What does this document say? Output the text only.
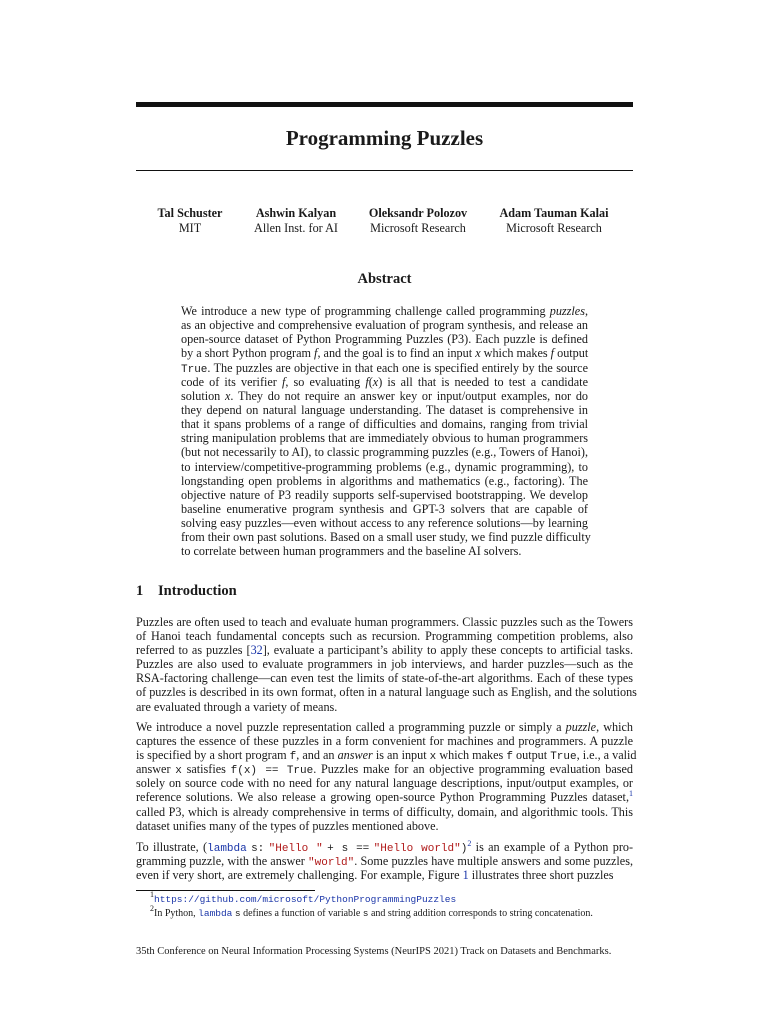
Programming Puzzles
Tal Schuster
MIT
Ashwin Kalyan
Allen Inst. for AI
Oleksandr Polozov
Microsoft Research
Adam Tauman Kalai
Microsoft Research
Abstract
We introduce a new type of programming challenge called programming puzzles,
as an objective and comprehensive evaluation of program synthesis, and release an
open-source dataset of Python Programming Puzzles (P3). Each puzzle is defined
by a short Python program f, and the goal is to find an input x which makes f output
True. The puzzles are objective in that each one is specified entirely by the source
code of its verifier f, so evaluating f(x) is all that is needed to test a candidate
solution x. They do not require an answer key or input/output examples, nor do
they depend on natural language understanding. The dataset is comprehensive in
that it spans problems of a range of difficulties and domains, ranging from trivial
string manipulation problems that are immediately obvious to human programmers
(but not necessarily to AI), to classic programming puzzles (e.g., Towers of Hanoi),
to interview/competitive-programming problems (e.g., dynamic programming), to
longstanding open problems in algorithms and mathematics (e.g., factoring). The
objective nature of P3 readily supports self-supervised bootstrapping. We develop
baseline enumerative program synthesis and GPT-3 solvers that are capable of
solving easy puzzles—even without access to any reference solutions—by learning
from their own past solutions. Based on a small user study, we find puzzle difficulty
to correlate between human programmers and the baseline AI solvers.
1 Introduction
Puzzles are often used to teach and evaluate human programmers. Classic puzzles such as the Towers
of Hanoi teach fundamental concepts such as recursion. Programming competition problems, also
referred to as puzzles [32], evaluate a participant’s ability to apply these concepts to artificial tasks.
Puzzles are also used to evaluate programmers in job interviews, and harder puzzles—such as the
RSA-factoring challenge—can even test the limits of state-of-the-art algorithms. Each of these types
of puzzles is described in its own format, often in a natural language such as English, and the solutions
are evaluated through a variety of means.
We introduce a novel puzzle representation called a programming puzzle or simply a puzzle, which
captures the essence of these puzzles in a form convenient for machines and programmers. A puzzle
is specified by a short program f, and an answer is an input x which makes f output True, i.e., a valid
answer x satisfies f(x) == True. Puzzles make for an objective programming evaluation based
solely on source code with no need for any natural language descriptions, input/output examples, or
reference solutions. We also release a growing open-source Python Programming Puzzles dataset,$^1$
called P3, which is already comprehensive in terms of difficulty, domain, and algorithmic tools. This
dataset unifies many of the types of puzzles mentioned above.
To illustrate, (lambda s: "Hello " + s == "Hello world")$^2$ is an example of a Python pro-
gramming puzzle, with the answer "world". Some puzzles have multiple answers and some puzzles,
even if very short, are extremely challenging. For example, Figure 1 illustrates three short puzzles

$^1$https://github.com/microsoft/PythonProgrammingPuzzles

$^2$In Python, lambda s defines a function of variable s and string addition corresponds to string concatenation.

35th Conference on Neural Information Processing Systems (NeurIPS 2021) Track on Datasets and Benchmarks.
